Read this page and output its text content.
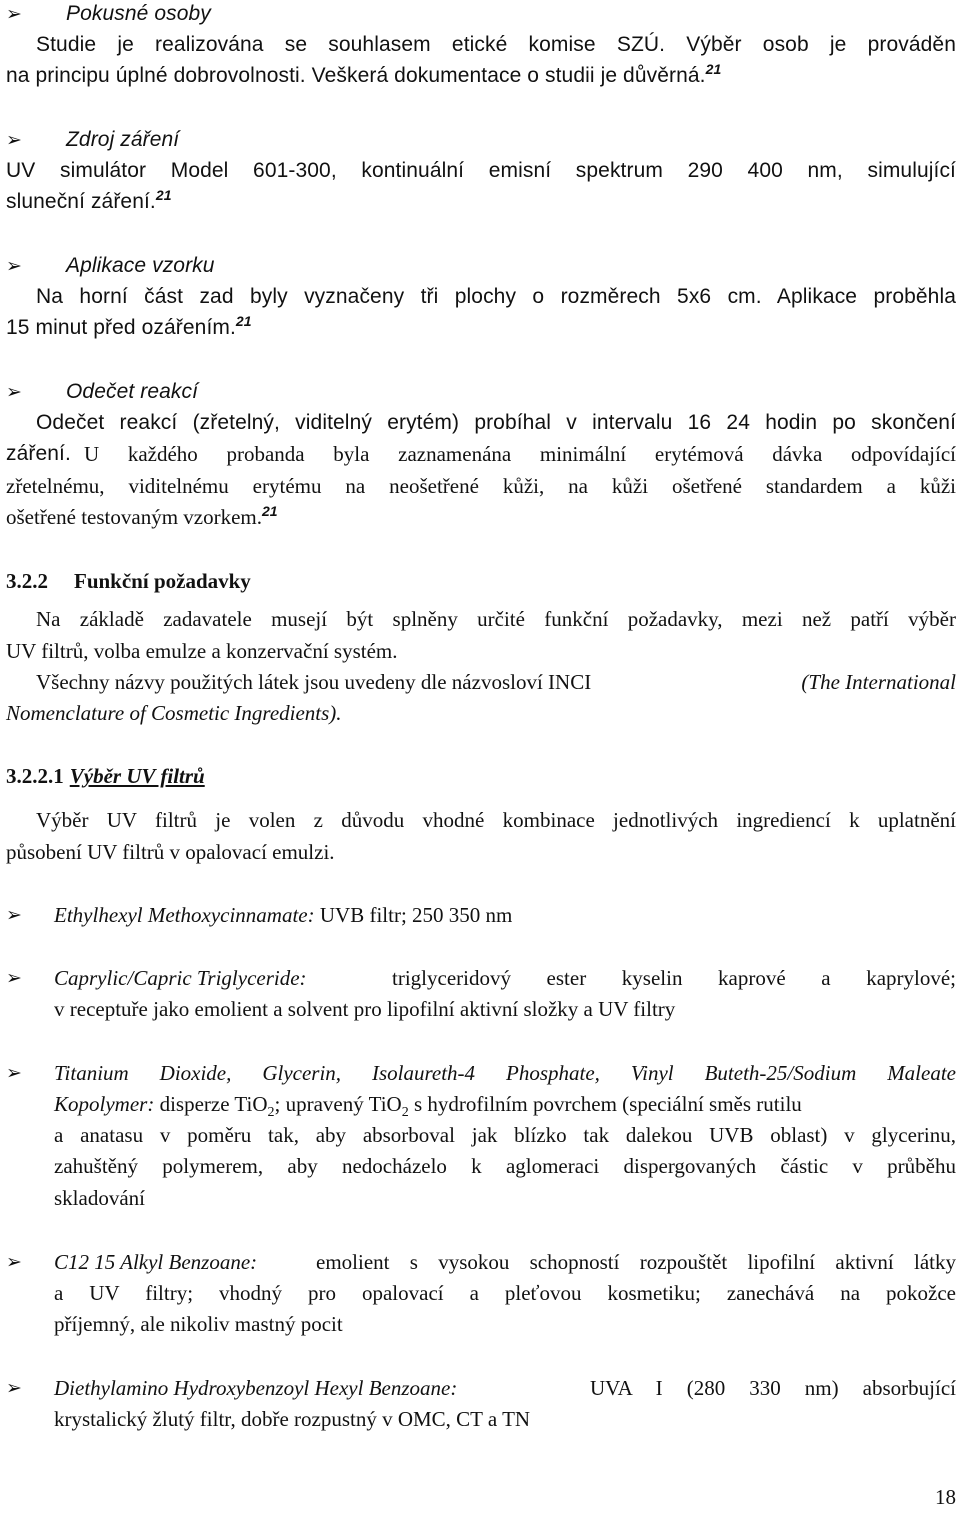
➢ Pokusné osoby
Studie je realizována se souhlasem etické komise SZÚ. Výběr osob je prováděn
na principu úplné dobrovolnosti. Veškerá dokumentace o studii je důvěrná.$^{21}$
➢ Zdroj záření
UV simulátor Model 601-300, kontinuální emisní spektrum 290 400 nm, simulující
sluneční záření.$^{21}$
➢ Aplikace vzorku
Na horní část zad byly vyznačeny tři plochy o rozměrech 5x6 cm. Aplikace proběhla
15 minut před ozářením.$^{21}$
➢ Odečet reakcí
Odečet reakcí (zřetelný, viditelný erytém) probíhal v intervalu 16 24 hodin po skončení
záření. U každého probanda byla zaznamenána minimální erytémová dávka odpovídající
zřetelnému, viditelnému erytému na neošetřené kůži, na kůži ošetřené standardem a kůži
ošetřené testovaným vzorkem.$^{21}$
3.2.2 Funkční požadavky
Na základě zadavatele musejí být splněny určité funkční požadavky, mezi než patří výběr
UV filtrů, volba emulze a konzervační systém.
Všechny názvy použitých látek jsou uvedeny dle názvosloví INCI	(The International
Nomenclature of Cosmetic Ingredients).
3.2.2.1 Výběr UV filtrů
Výběr UV filtrů je volen z důvodu vhodné kombinace jednotlivých ingrediencí k uplatnění
působení UV filtrů v opalovací emulzi.
➢ Ethylhexyl Methoxycinnamate: UVB filtr; 250 350 nm
➢ Caprylic/Capric Triglyceride:	triglyceridový ester kyselin kaprové a kaprylové;
v receptuře jako emolient a solvent pro lipofilní aktivní složky a UV filtry
➢ Titanium Dioxide, Glycerin, Isolaureth-4 Phosphate, Vinyl Buteth-25/Sodium Maleate
Kopolymer: disperze TiO$_2$; upravený TiO$_2$ s hydrofilním povrchem (speciální směs rutilu
a anatasu v poměru tak, aby absorboval jak blízko tak dalekou UVB oblast) v glycerinu,
zahuštěný polymerem, aby nedocházelo k aglomeraci dispergovaných částic v průběhu
skladování
➢ C12 15 Alkyl Benzoane:	emolient s vysokou schopností rozpouštět lipofilní aktivní látky
a UV filtry; vhodný pro opalovací a pleťovou kosmetiku; zanechává na pokožce
příjemný, ale nikoliv mastný pocit
➢ Diethylamino Hydroxybenzoyl Hexyl Benzoane:	UVA I (280 330 nm) absorbující
krystalický žlutý filtr, dobře rozpustný v OMC, CT a TN
18
